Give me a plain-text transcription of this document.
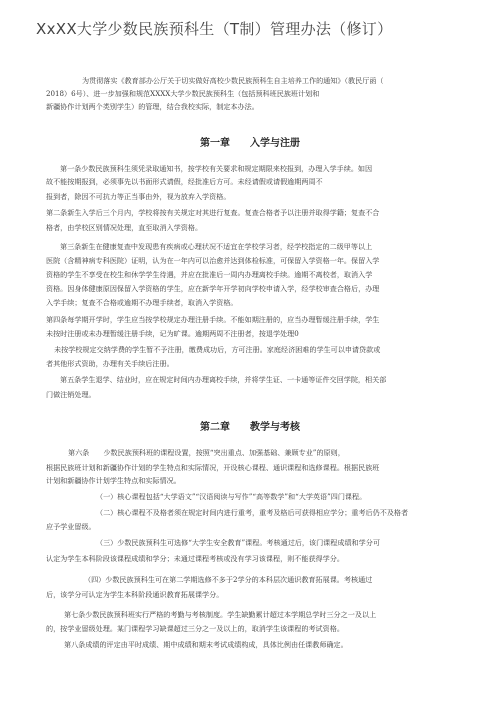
XxXX大学少数民族预科生（T制）管理办法（修订）
为贯彻落实《教育部办公厅关于切实做好高校少数民族预科生自主培养工作的通知》（教民厅函（
2018）6号）、进一步加强和规范XXXX大学少数民族预科生（包括预科班民族班计划和
新疆协作计划两个类别学生）的管理，结合我校实际，制定本办法。
第一章　　入学与注册
第一条少数民族预科生须凭录取通知书，按学校有关要求和规定期限来校报到，办理入学手续。如因
故不能按期报到，必须事先以书面形式请假，经批准后方可。未经请假或请假逾期两周不
报到者，除因不可抗力等正当事由外，视为放弃入学资格。
第二条新生入学后三个月内，学校将按有关规定对其进行复查。复查合格者予以注册并取得学籍；复查不合
格者，由学校区别情况处理，直至取消入学资格。
第三条新生在健康复查中发现患有疾病或心理状况不适宜在学校学习者，经学校指定的二级甲等以上
医院（含精神病专科医院）证明，认为在一年内可以治愈并达到体检标准，可保留入学资格一年。保留入学
资格的学生不享受在校生和休学学生待遇，并应在批准后一周内办理离校手续。逾期不离校者，取消入学
资格。因身体健康原因保留入学资格的学生，应在新学年开学初向学校申请入学，经学校审查合格后，办理
入学手续；复查不合格或逾期不办理手续者，取消入学资格。
第四条每学期开学时，学生应当按学校规定办理注册手续。不能如期注册的，应当办理暂缓注册手续，学生
未按时注册或未办理暂缓注册手续，记为旷课。逾期两周不注册者，按退学处理0
未按学校规定交纳学费的学生暂不予注册，缴费成功后，方可注册。家庭经济困难的学生可以申请贷款或
者其他形式资助，办理有关手续后注册。
第五条学生退学、结业时，应在规定时间内办理离校手续，并将学生证、一卡通等证件交回学院，相关部
门做注销处理。
第二章　　教学与考核
第六条　　少数民族预科班的课程设置，按照“突出重点、加强基础、兼顾专业”的原则，
根据民族班计划和新疆协作计划的学生特点和实际情况，开设核心课程、通识课程和选修课程。根据民族班
计划和新疆协作计划学生特点和实际情况。
（一）核心课程包括“大学语文”“汉语阅读与写作”“高等数学”和“大学英语”四门课程。
（二）核心课程不及格者须在规定时间内进行重考，重考及格后可获得相应学分；重考后仍不及格者
应予学业留级。
（三）少数民族预科生可选修“大学生安全教育”课程。考核通过后，该门课程成绩和学分可
认定为学生本科阶段该课程成绩和学分；未通过课程考核或没有学习该课程，则不能获得学分。
（四）少数民族预科生可在第二学期选修不多于2学分的本科层次通识教育拓展课。考核通过
后，该学分可认定为学生本科阶段通识教育拓展课学分。
第七条少数民族预科班实行严格的考勤与考核制度。学生缺勤累计超过本学期总学时三分之一及以上
的，按学业留级处理。某门课程学习缺课超过三分之一及以上的，取消学生该课程的考试资格。
第八条成绩的评定由平时成绩、期中成绩和期末考试成绩构成，具体比例由任课教师确定。
